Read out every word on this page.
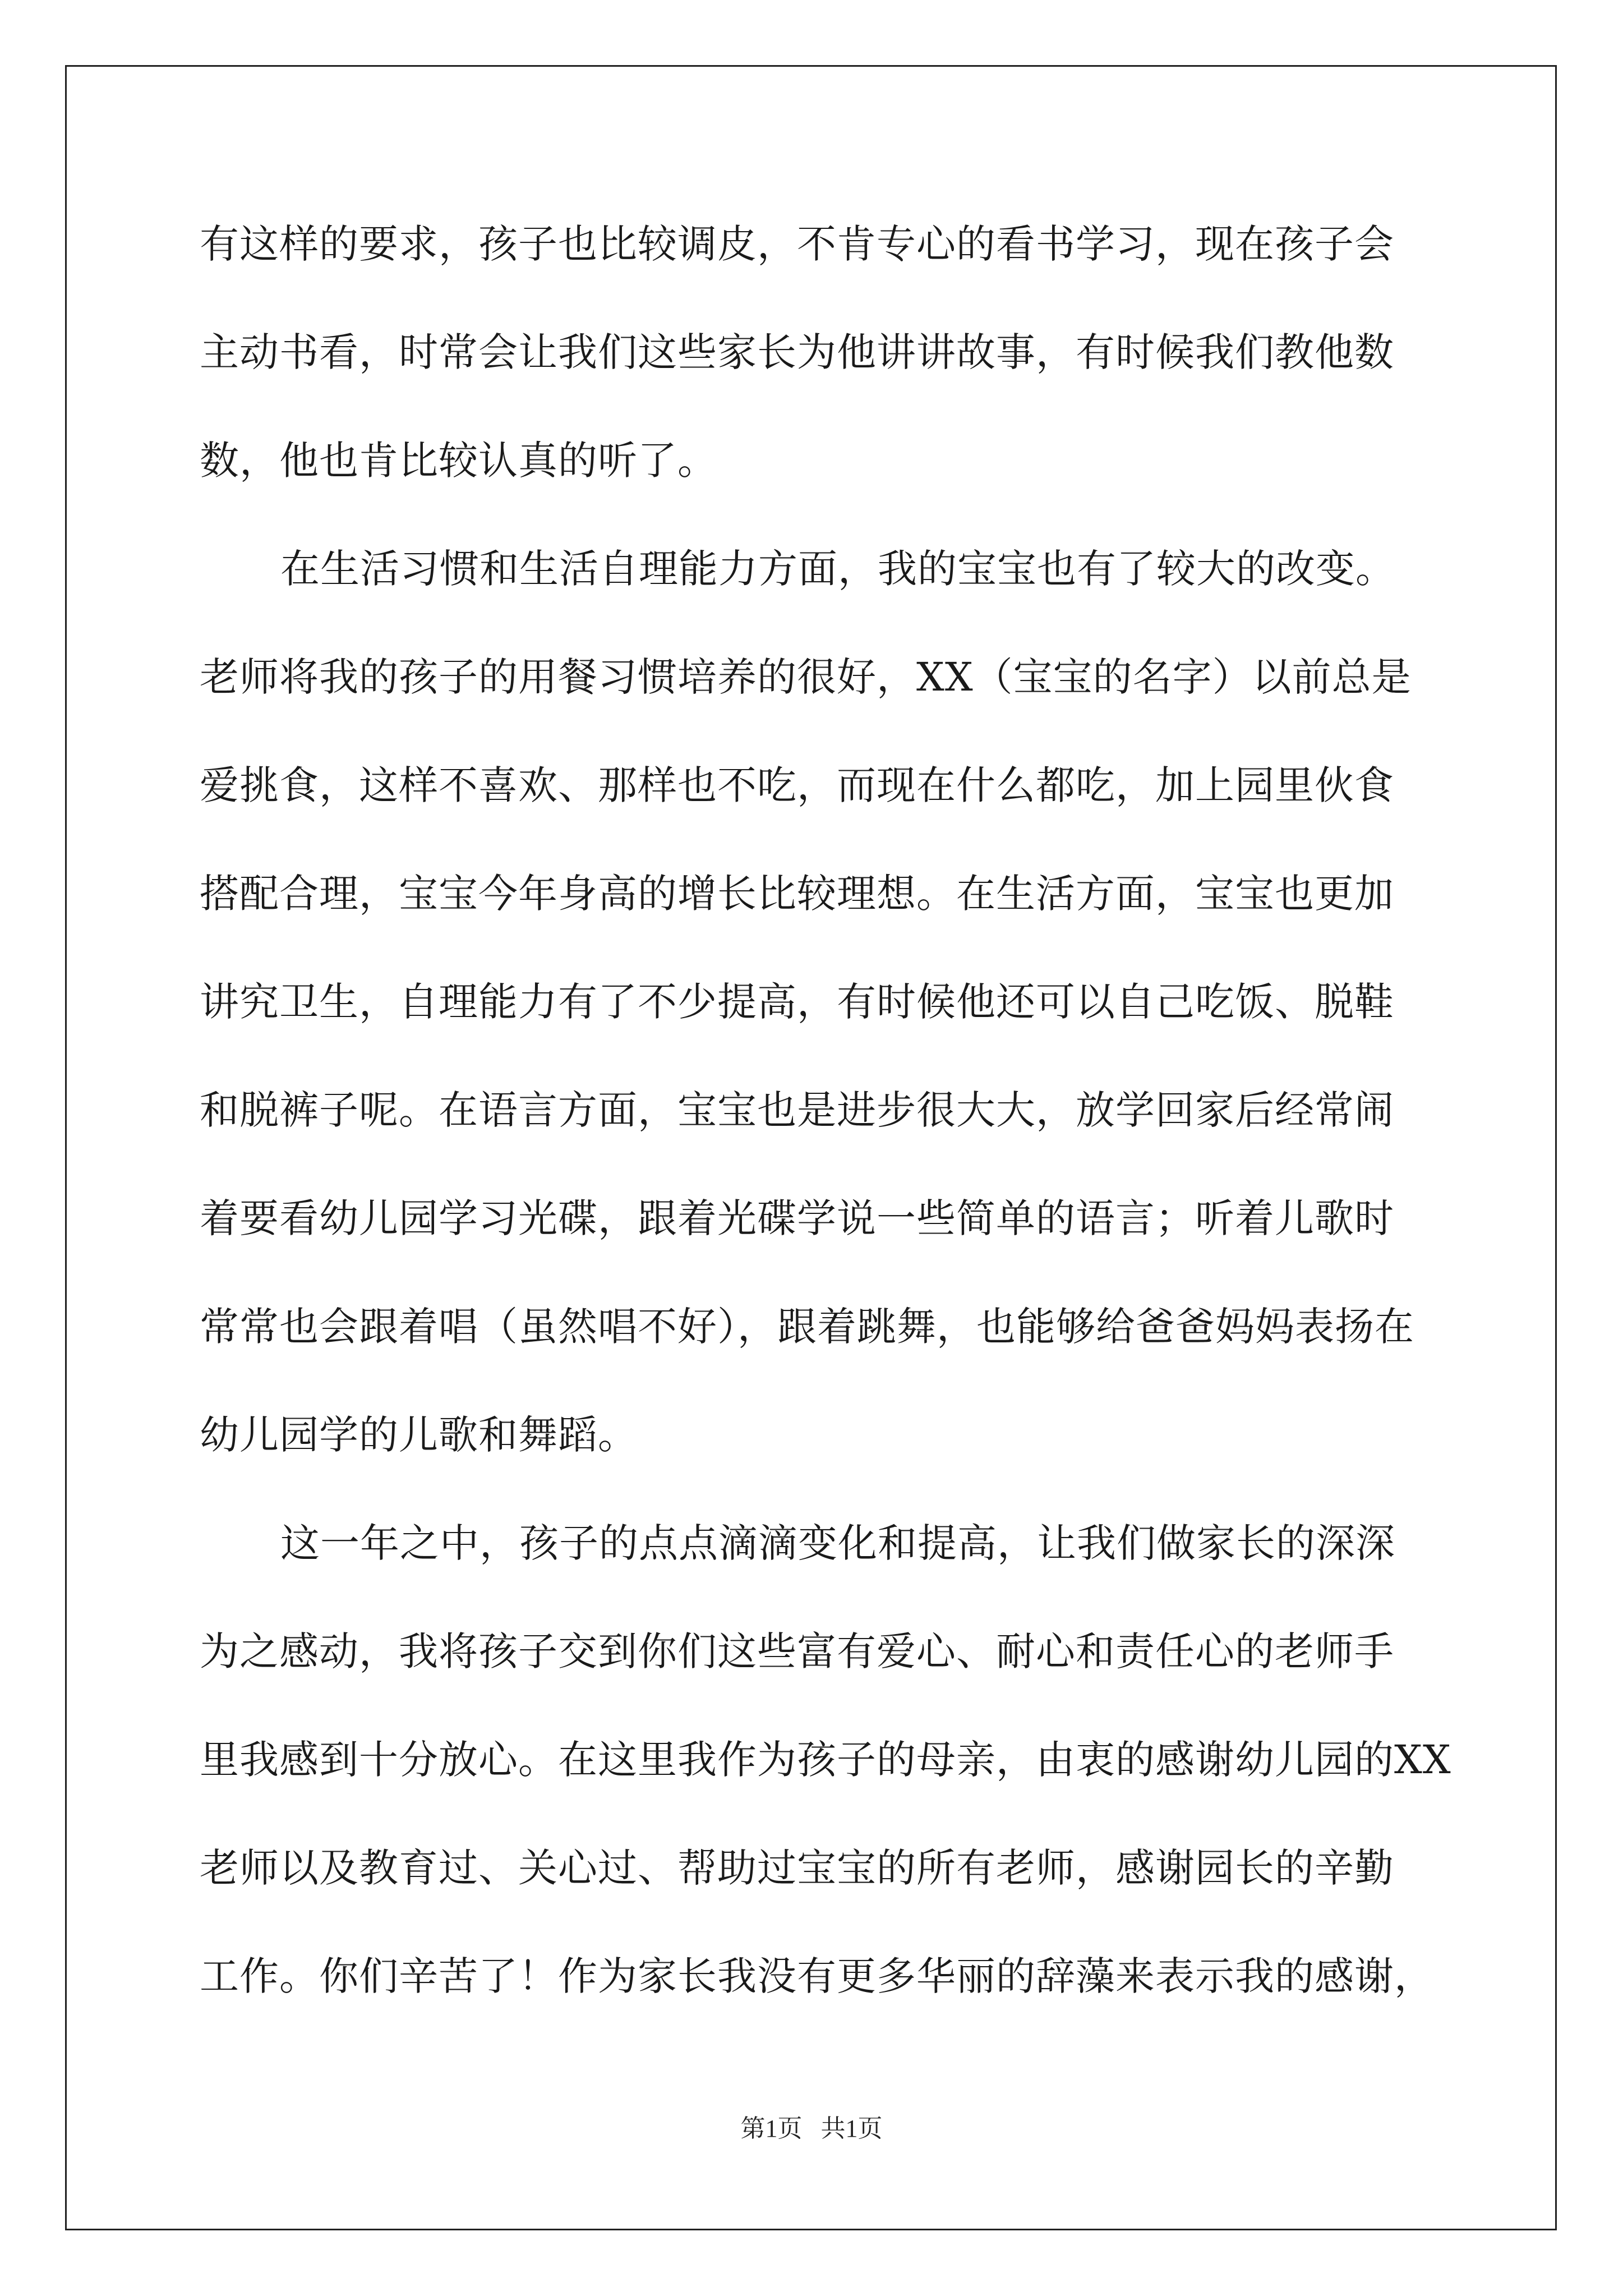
有这样的要求，孩子也比较调皮，不肯专心的看书学习，现在孩子会
主动书看，时常会让我们这些家长为他讲讲故事，有时候我们教他数
数，他也肯比较认真的听了。
在生活习惯和生活自理能力方面，我的宝宝也有了较大的改变。
老师将我的孩子的用餐习惯培养的很好，XX（宝宝的名字）以前总是
爱挑食，这样不喜欢、那样也不吃，而现在什么都吃，加上园里伙食
搭配合理，宝宝今年身高的增长比较理想。在生活方面，宝宝也更加
讲究卫生，自理能力有了不少提高，有时候他还可以自己吃饭、脱鞋
和脱裤子呢。在语言方面，宝宝也是进步很大大，放学回家后经常闹
着要看幼儿园学习光碟，跟着光碟学说一些简单的语言；听着儿歌时
常常也会跟着唱（虽然唱不好），跟着跳舞，也能够给爸爸妈妈表扬在
幼儿园学的儿歌和舞蹈。
这一年之中，孩子的点点滴滴变化和提高，让我们做家长的深深
为之感动，我将孩子交到你们这些富有爱心、耐心和责任心的老师手
里我感到十分放心。在这里我作为孩子的母亲，由衷的感谢幼儿园的XX
老师以及教育过、关心过、帮助过宝宝的所有老师，感谢园长的辛勤
工作。你们辛苦了！作为家长我没有更多华丽的辞藻来表示我的感谢，
第1页 共1页
